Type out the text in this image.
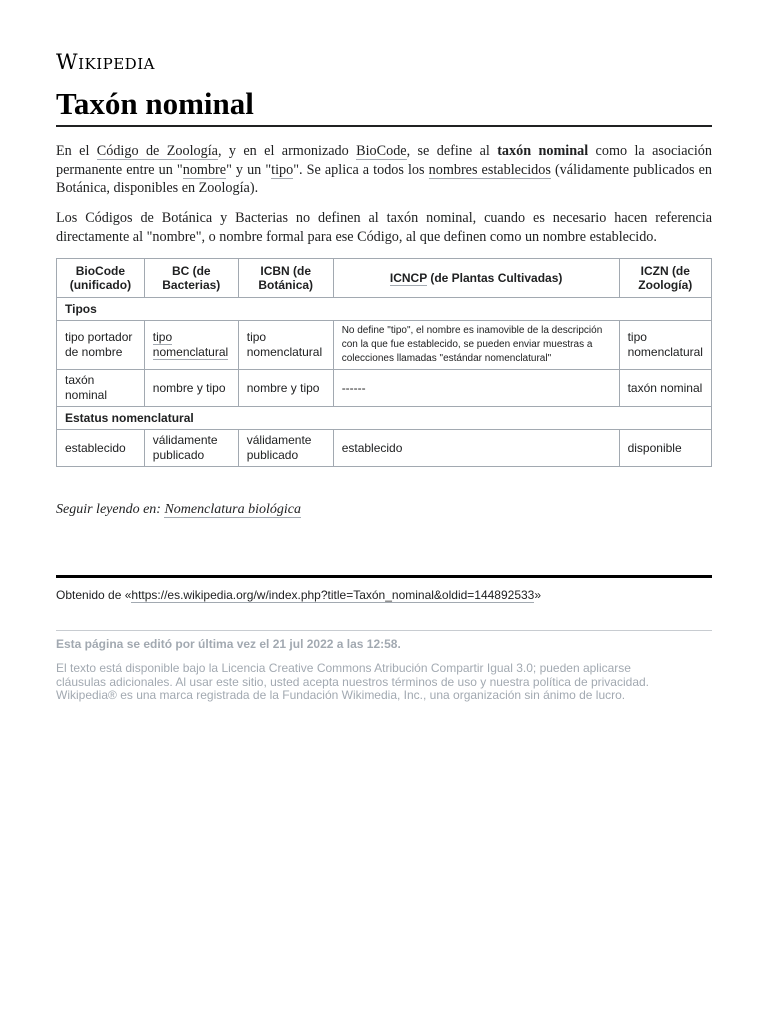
Wikipedia
Taxón nominal

En el Código de Zoología, y en el armonizado BioCode, se define al taxón nominal como la asociación permanente entre un "nombre" y un "tipo". Se aplica a todos los nombres establecidos (válidamente publicados en Botánica, disponibles en Zoología).

Los Códigos de Botánica y Bacterias no definen al taxón nominal, cuando es necesario hacen referencia directamente al "nombre", o nombre formal para ese Código, al que definen como un nombre establecido.

BioCode (unificado)	BC (de Bacterias)	ICBN (de Botánica)	ICNCP (de Plantas Cultivadas)	ICZN (de Zoología)
Tipos				
tipo portador de nombre	tipo nomenclatural	tipo nomenclatural	No define "tipo", el nombre es inamovible de la descripción con la que fue establecido, se pueden enviar muestras a colecciones llamadas "estándar nomenclatural"	tipo nomenclatural
taxón nominal	nombre y tipo	nombre y tipo	------	taxón nominal
Estatus nomenclatural				
establecido	válidamente publicado	válidamente publicado	establecido	disponible
Seguir leyendo en: Nomenclatura biológica
Obtenido de «https://es.wikipedia.org/w/index.php?title=Taxón_nominal&oldid=144892533»
Esta página se editó por última vez el 21 jul 2022 a las 12:58.
El texto está disponible bajo la Licencia Creative Commons Atribución Compartir Igual 3.0; pueden aplicarse
cláusulas adicionales. Al usar este sitio, usted acepta nuestros términos de uso y nuestra política de privacidad.
Wikipedia® es una marca registrada de la Fundación Wikimedia, Inc., una organización sin ánimo de lucro.
